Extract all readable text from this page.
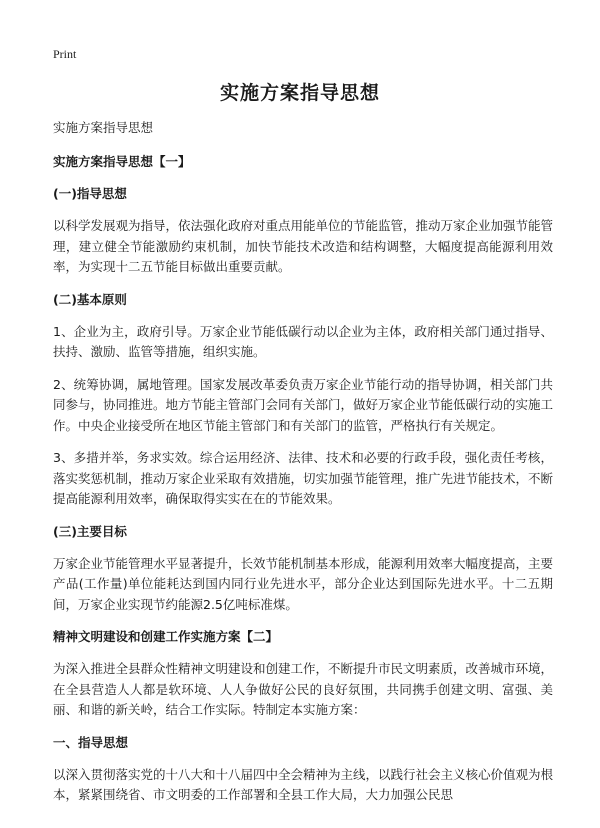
Print
实施方案指导思想
实施方案指导思想
实施方案指导思想【一】
(一)指导思想
以科学发展观为指导，依法强化政府对重点用能单位的节能监管，推动万家企业加强节能管理，建立健全节能激励约束机制，加快节能技术改造和结构调整，大幅度提高能源利用效率，为实现十二五节能目标做出重要贡献。
(二)基本原则
1、企业为主，政府引导。万家企业节能低碳行动以企业为主体，政府相关部门通过指导、扶持、激励、监管等措施，组织实施。
2、统筹协调，属地管理。国家发展改革委负责万家企业节能行动的指导协调，相关部门共同参与，协同推进。地方节能主管部门会同有关部门，做好万家企业节能低碳行动的实施工作。中央企业接受所在地区节能主管部门和有关部门的监管，严格执行有关规定。
3、多措并举，务求实效。综合运用经济、法律、技术和必要的行政手段，强化责任考核，落实奖惩机制，推动万家企业采取有效措施，切实加强节能管理，推广先进节能技术，不断提高能源利用效率，确保取得实实在在的节能效果。
(三)主要目标
万家企业节能管理水平显著提升，长效节能机制基本形成，能源利用效率大幅度提高，主要产品(工作量)单位能耗达到国内同行业先进水平，部分企业达到国际先进水平。十二五期间，万家企业实现节约能源2.5亿吨标准煤。
精神文明建设和创建工作实施方案【二】
为深入推进全县群众性精神文明建设和创建工作，不断提升市民文明素质，改善城市环境，在全县营造人人都是软环境、人人争做好公民的良好氛围，共同携手创建文明、富强、美丽、和谐的新关岭，结合工作实际。特制定本实施方案：
一、指导思想
以深入贯彻落实党的十八大和十八届四中全会精神为主线，以践行社会主义核心价值观为根本，紧紧围绕省、市文明委的工作部署和全县工作大局，大力加强公民思
